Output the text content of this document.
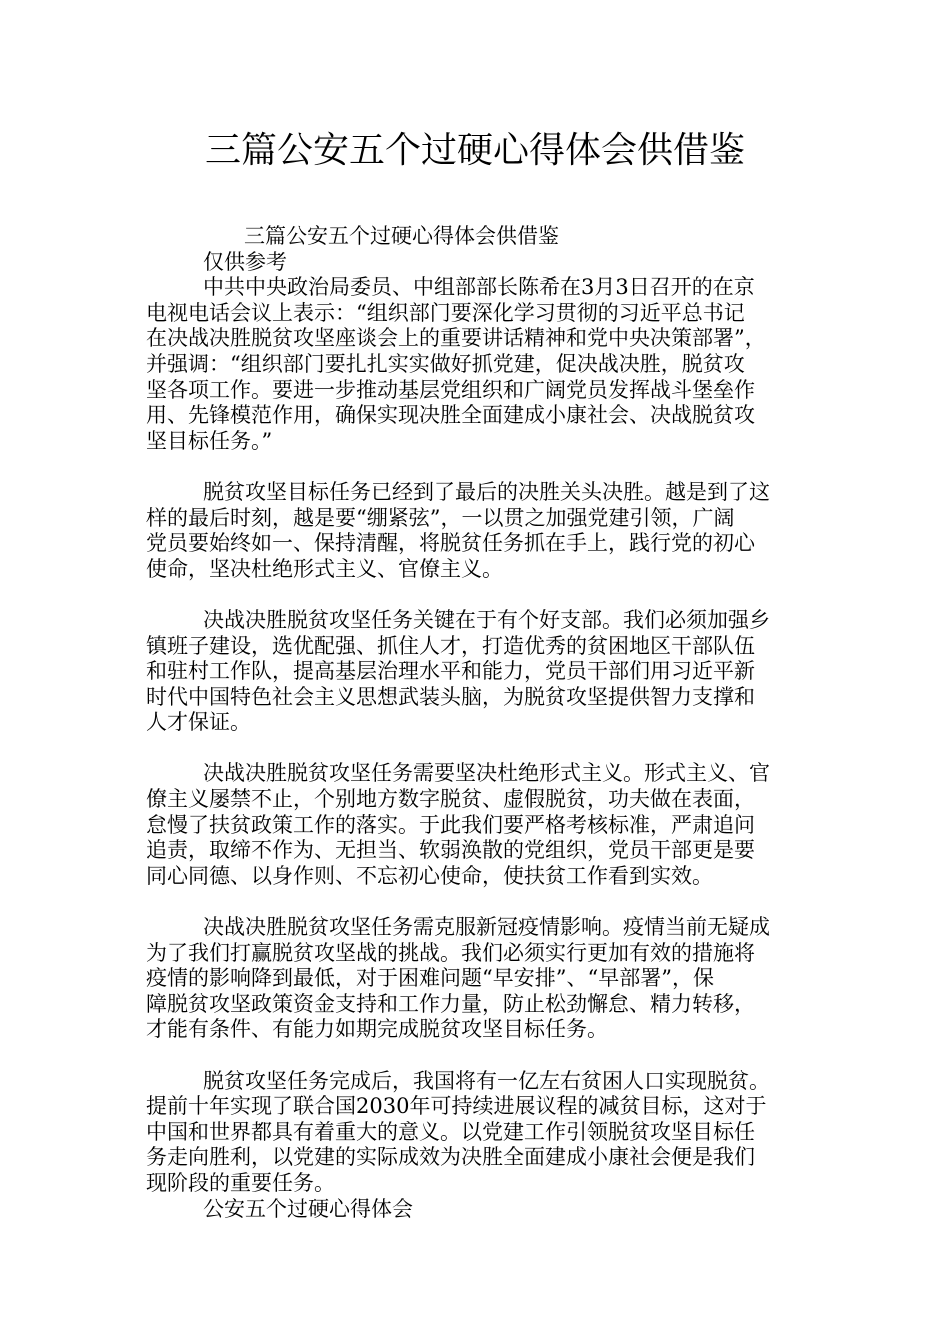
三篇公安五个过硬心得体会供借鉴
三篇公安五个过硬心得体会供借鉴
仅供参考
中共中央政治局委员、中组部部长陈希在3月3日召开的在京
电视电话会议上表示：“组织部门要深化学习贯彻的习近平总书记
在决战决胜脱贫攻坚座谈会上的重要讲话精神和党中央决策部署”，
并强调：“组织部门要扎扎实实做好抓党建，促决战决胜，脱贫攻
坚各项工作。要进一步推动基层党组织和广阔党员发挥战斗堡垒作
用、先锋模范作用，确保实现决胜全面建成小康社会、决战脱贫攻
坚目标任务。”
脱贫攻坚目标任务已经到了最后的决胜关头决胜。越是到了这
样的最后时刻，越是要“绷紧弦”，一以贯之加强党建引领，广阔
党员要始终如一、保持清醒，将脱贫任务抓在手上，践行党的初心
使命，坚决杜绝形式主义、官僚主义。
决战决胜脱贫攻坚任务关键在于有个好支部。我们必须加强乡
镇班子建设，选优配强、抓住人才，打造优秀的贫困地区干部队伍
和驻村工作队，提高基层治理水平和能力，党员干部们用习近平新
时代中国特色社会主义思想武装头脑，为脱贫攻坚提供智力支撑和
人才保证。
决战决胜脱贫攻坚任务需要坚决杜绝形式主义。形式主义、官
僚主义屡禁不止，个别地方数字脱贫、虚假脱贫，功夫做在表面，
怠慢了扶贫政策工作的落实。于此我们要严格考核标准，严肃追问
追责，取缔不作为、无担当、软弱涣散的党组织，党员干部更是要
同心同德、以身作则、不忘初心使命，使扶贫工作看到实效。
决战决胜脱贫攻坚任务需克服新冠疫情影响。疫情当前无疑成
为了我们打赢脱贫攻坚战的挑战。我们必须实行更加有效的措施将
疫情的影响降到最低，对于困难问题“早安排”、“早部署”，保
障脱贫攻坚政策资金支持和工作力量，防止松劲懈怠、精力转移，
才能有条件、有能力如期完成脱贫攻坚目标任务。
脱贫攻坚任务完成后，我国将有一亿左右贫困人口实现脱贫。
提前十年实现了联合国2030年可持续进展议程的减贫目标，这对于
中国和世界都具有着重大的意义。以党建工作引领脱贫攻坚目标任
务走向胜利，以党建的实际成效为决胜全面建成小康社会便是我们
现阶段的重要任务。
公安五个过硬心得体会
